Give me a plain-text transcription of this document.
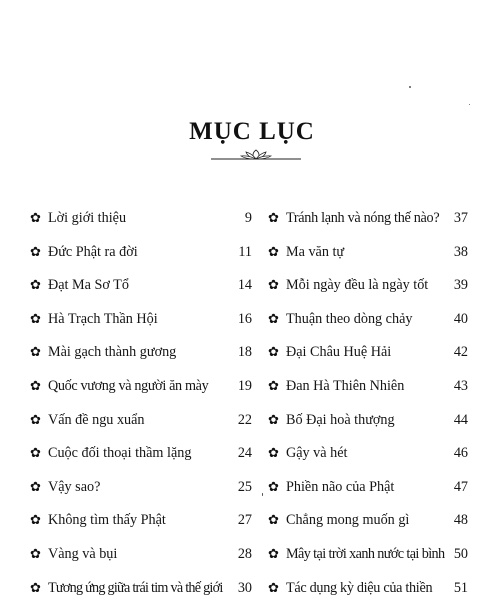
MỤC LỤC
✿ Lời giới thiệu	9
✿ Đức Phật ra đời	11
✿ Đạt Ma Sơ Tổ	14
✿ Hà Trạch Thần Hội	16
✿ Mài gạch thành gương	18
✿ Quốc vương và người ăn mày 19
✿ Vấn đề ngu xuẩn	22
✿ Cuộc đối thoại thầm lặng	24
✿ Vậy sao?	25
✿ Không tìm thấy Phật	27
✿ Vàng và bụi	28
✿ Tương ứng giữa trái tim và thế giới 30
✿ Tránh lạnh và nóng thế nào? 37
✿ Ma văn tự	38
✿ Mỗi ngày đều là ngày tốt 39
✿ Thuận theo dòng chảy	40
✿ Đại Châu Huệ Hải	42
✿ Đan Hà Thiên Nhiên	43
✿ Bố Đại hoà thượng	44
✿ Gậy và hét	46
✿ Phiền não của Phật	47
✿ Chẳng mong muốn gì	48
✿ Mây tại trời xanh nước tại bình 50
✿ Tác dụng kỳ diệu của thiền 51
